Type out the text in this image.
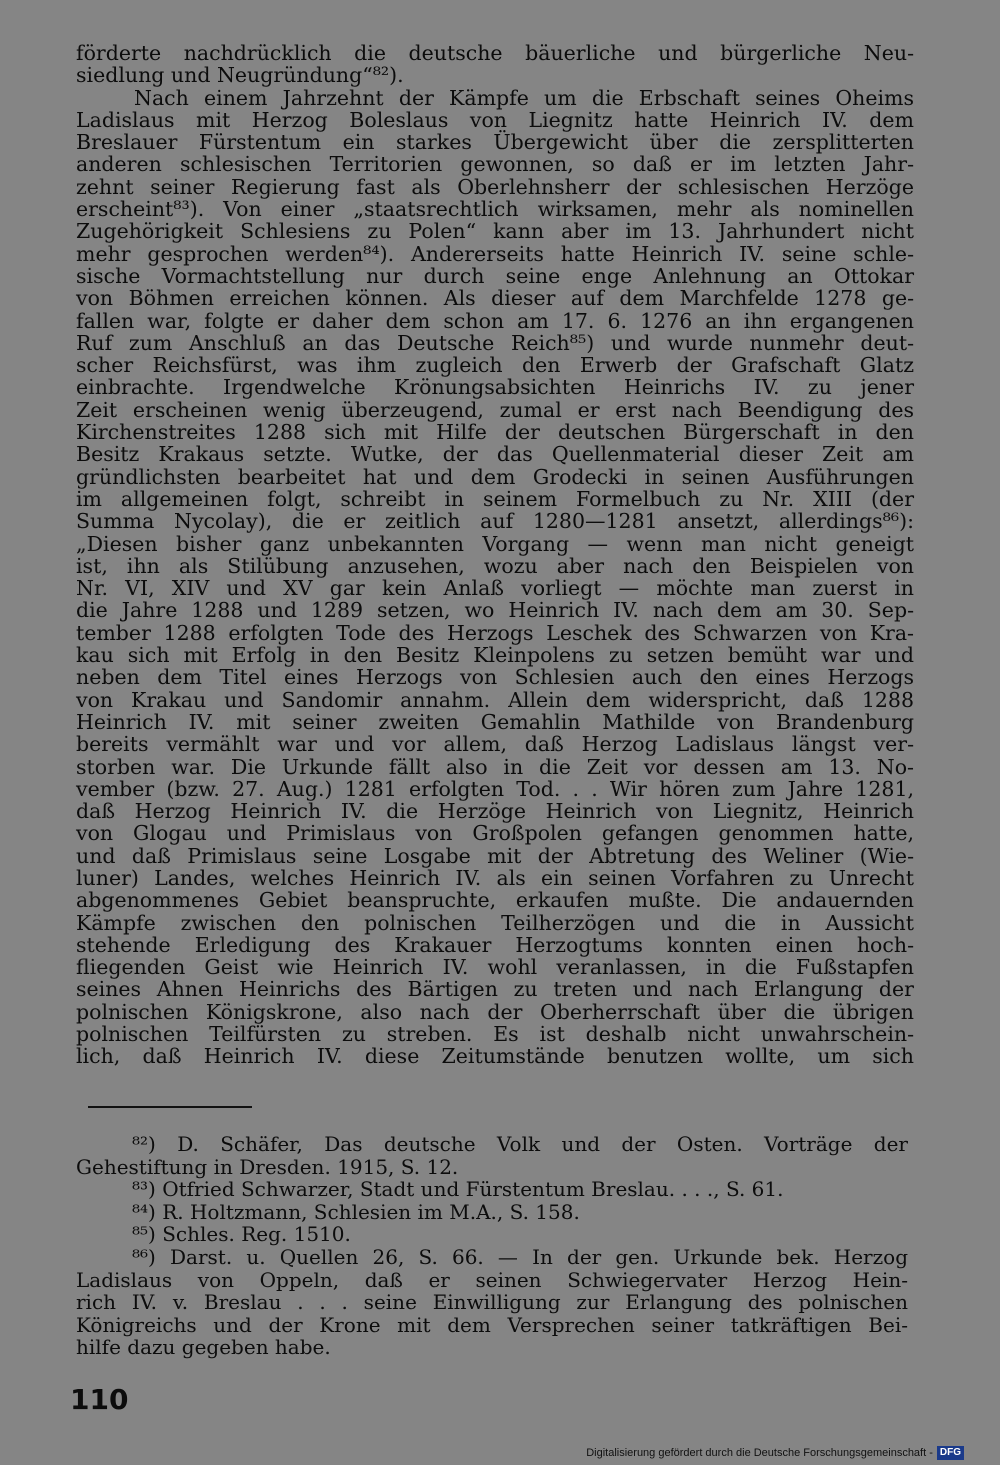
förderte nachdrücklich die deutsche bäuerliche und bürgerliche Neu-
siedlung und Neugründung“⁸²).

Nach einem Jahrzehnt der Kämpfe um die Erbschaft seines Oheims
Ladislaus mit Herzog Boleslaus von Liegnitz hatte Heinrich IV. dem
Breslauer Fürstentum ein starkes Übergewicht über die zersplitterten
anderen schlesischen Territorien gewonnen, so daß er im letzten Jahr-
zehnt seiner Regierung fast als Oberlehnsherr der schlesischen Herzöge
erscheint⁸³). Von einer „staatsrechtlich wirksamen, mehr als nominellen
Zugehörigkeit Schlesiens zu Polen“ kann aber im 13. Jahrhundert nicht
mehr gesprochen werden⁸⁴). Andererseits hatte Heinrich IV. seine schle-
sische Vormachtstellung nur durch seine enge Anlehnung an Ottokar
von Böhmen erreichen können. Als dieser auf dem Marchfelde 1278 ge-
fallen war, folgte er daher dem schon am 17. 6. 1276 an ihn ergangenen
Ruf zum Anschluß an das Deutsche Reich⁸⁵) und wurde nunmehr deut-
scher Reichsfürst, was ihm zugleich den Erwerb der Grafschaft Glatz
einbrachte. Irgendwelche Krönungsabsichten Heinrichs IV. zu jener
Zeit erscheinen wenig überzeugend, zumal er erst nach Beendigung des
Kirchenstreites 1288 sich mit Hilfe der deutschen Bürgerschaft in den
Besitz Krakaus setzte. Wutke, der das Quellenmaterial dieser Zeit am
gründlichsten bearbeitet hat und dem Grodecki in seinen Ausführungen
im allgemeinen folgt, schreibt in seinem Formelbuch zu Nr. XIII (der
Summa Nycolay), die er zeitlich auf 1280—1281 ansetzt, allerdings⁸⁶):
„Diesen bisher ganz unbekannten Vorgang — wenn man nicht geneigt
ist, ihn als Stilübung anzusehen, wozu aber nach den Beispielen von
Nr. VI, XIV und XV gar kein Anlaß vorliegt — möchte man zuerst in
die Jahre 1288 und 1289 setzen, wo Heinrich IV. nach dem am 30. Sep-
tember 1288 erfolgten Tode des Herzogs Leschek des Schwarzen von Kra-
kau sich mit Erfolg in den Besitz Kleinpolens zu setzen bemüht war und
neben dem Titel eines Herzogs von Schlesien auch den eines Herzogs
von Krakau und Sandomir annahm. Allein dem widerspricht, daß 1288
Heinrich IV. mit seiner zweiten Gemahlin Mathilde von Brandenburg
bereits vermählt war und vor allem, daß Herzog Ladislaus längst ver-
storben war. Die Urkunde fällt also in die Zeit vor dessen am 13. No-
vember (bzw. 27. Aug.) 1281 erfolgten Tod. . . Wir hören zum Jahre 1281,
daß Herzog Heinrich IV. die Herzöge Heinrich von Liegnitz, Heinrich
von Glogau und Primislaus von Großpolen gefangen genommen hatte,
und daß Primislaus seine Losgabe mit der Abtretung des Weliner (Wie-
luner) Landes, welches Heinrich IV. als ein seinen Vorfahren zu Unrecht
abgenommenes Gebiet beanspruchte, erkaufen mußte. Die andauernden
Kämpfe zwischen den polnischen Teilherzögen und die in Aussicht
stehende Erledigung des Krakauer Herzogtums konnten einen hoch-
fliegenden Geist wie Heinrich IV. wohl veranlassen, in die Fußstapfen
seines Ahnen Heinrichs des Bärtigen zu treten und nach Erlangung der
polnischen Königskrone, also nach der Oberherrschaft über die übrigen
polnischen Teilfürsten zu streben. Es ist deshalb nicht unwahrschein-
lich, daß Heinrich IV. diese Zeitumstände benutzen wollte, um sich

⁸²) D. Schäfer, Das deutsche Volk und der Osten. Vorträge der
Gehestiftung in Dresden. 1915, S. 12.
⁸³) Otfried Schwarzer, Stadt und Fürstentum Breslau. . . ., S. 61.
⁸⁴) R. Holtzmann, Schlesien im M.A., S. 158.
⁸⁵) Schles. Reg. 1510.
⁸⁶) Darst. u. Quellen 26, S. 66. — In der gen. Urkunde bek. Herzog
Ladislaus von Oppeln, daß er seinen Schwiegervater Herzog Hein-
rich IV. v. Breslau . . . seine Einwilligung zur Erlangung des polnischen
Königreichs und der Krone mit dem Versprechen seiner tatkräftigen Bei-
hilfe dazu gegeben habe.
110
Digitalisierung gefördert durch die Deutsche Forschungsgemeinschaft - DFG
